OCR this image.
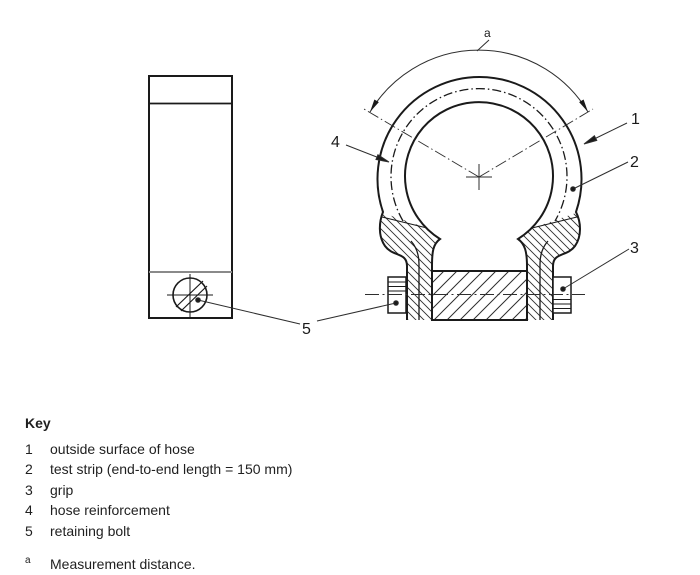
a
1
2
3
4
5
Key
1	outside surface of hose
2	test strip (end-to-end length = 150 mm)
3	grip
4	hose reinforcement
5	retaining bolt
a	Measurement distance.
